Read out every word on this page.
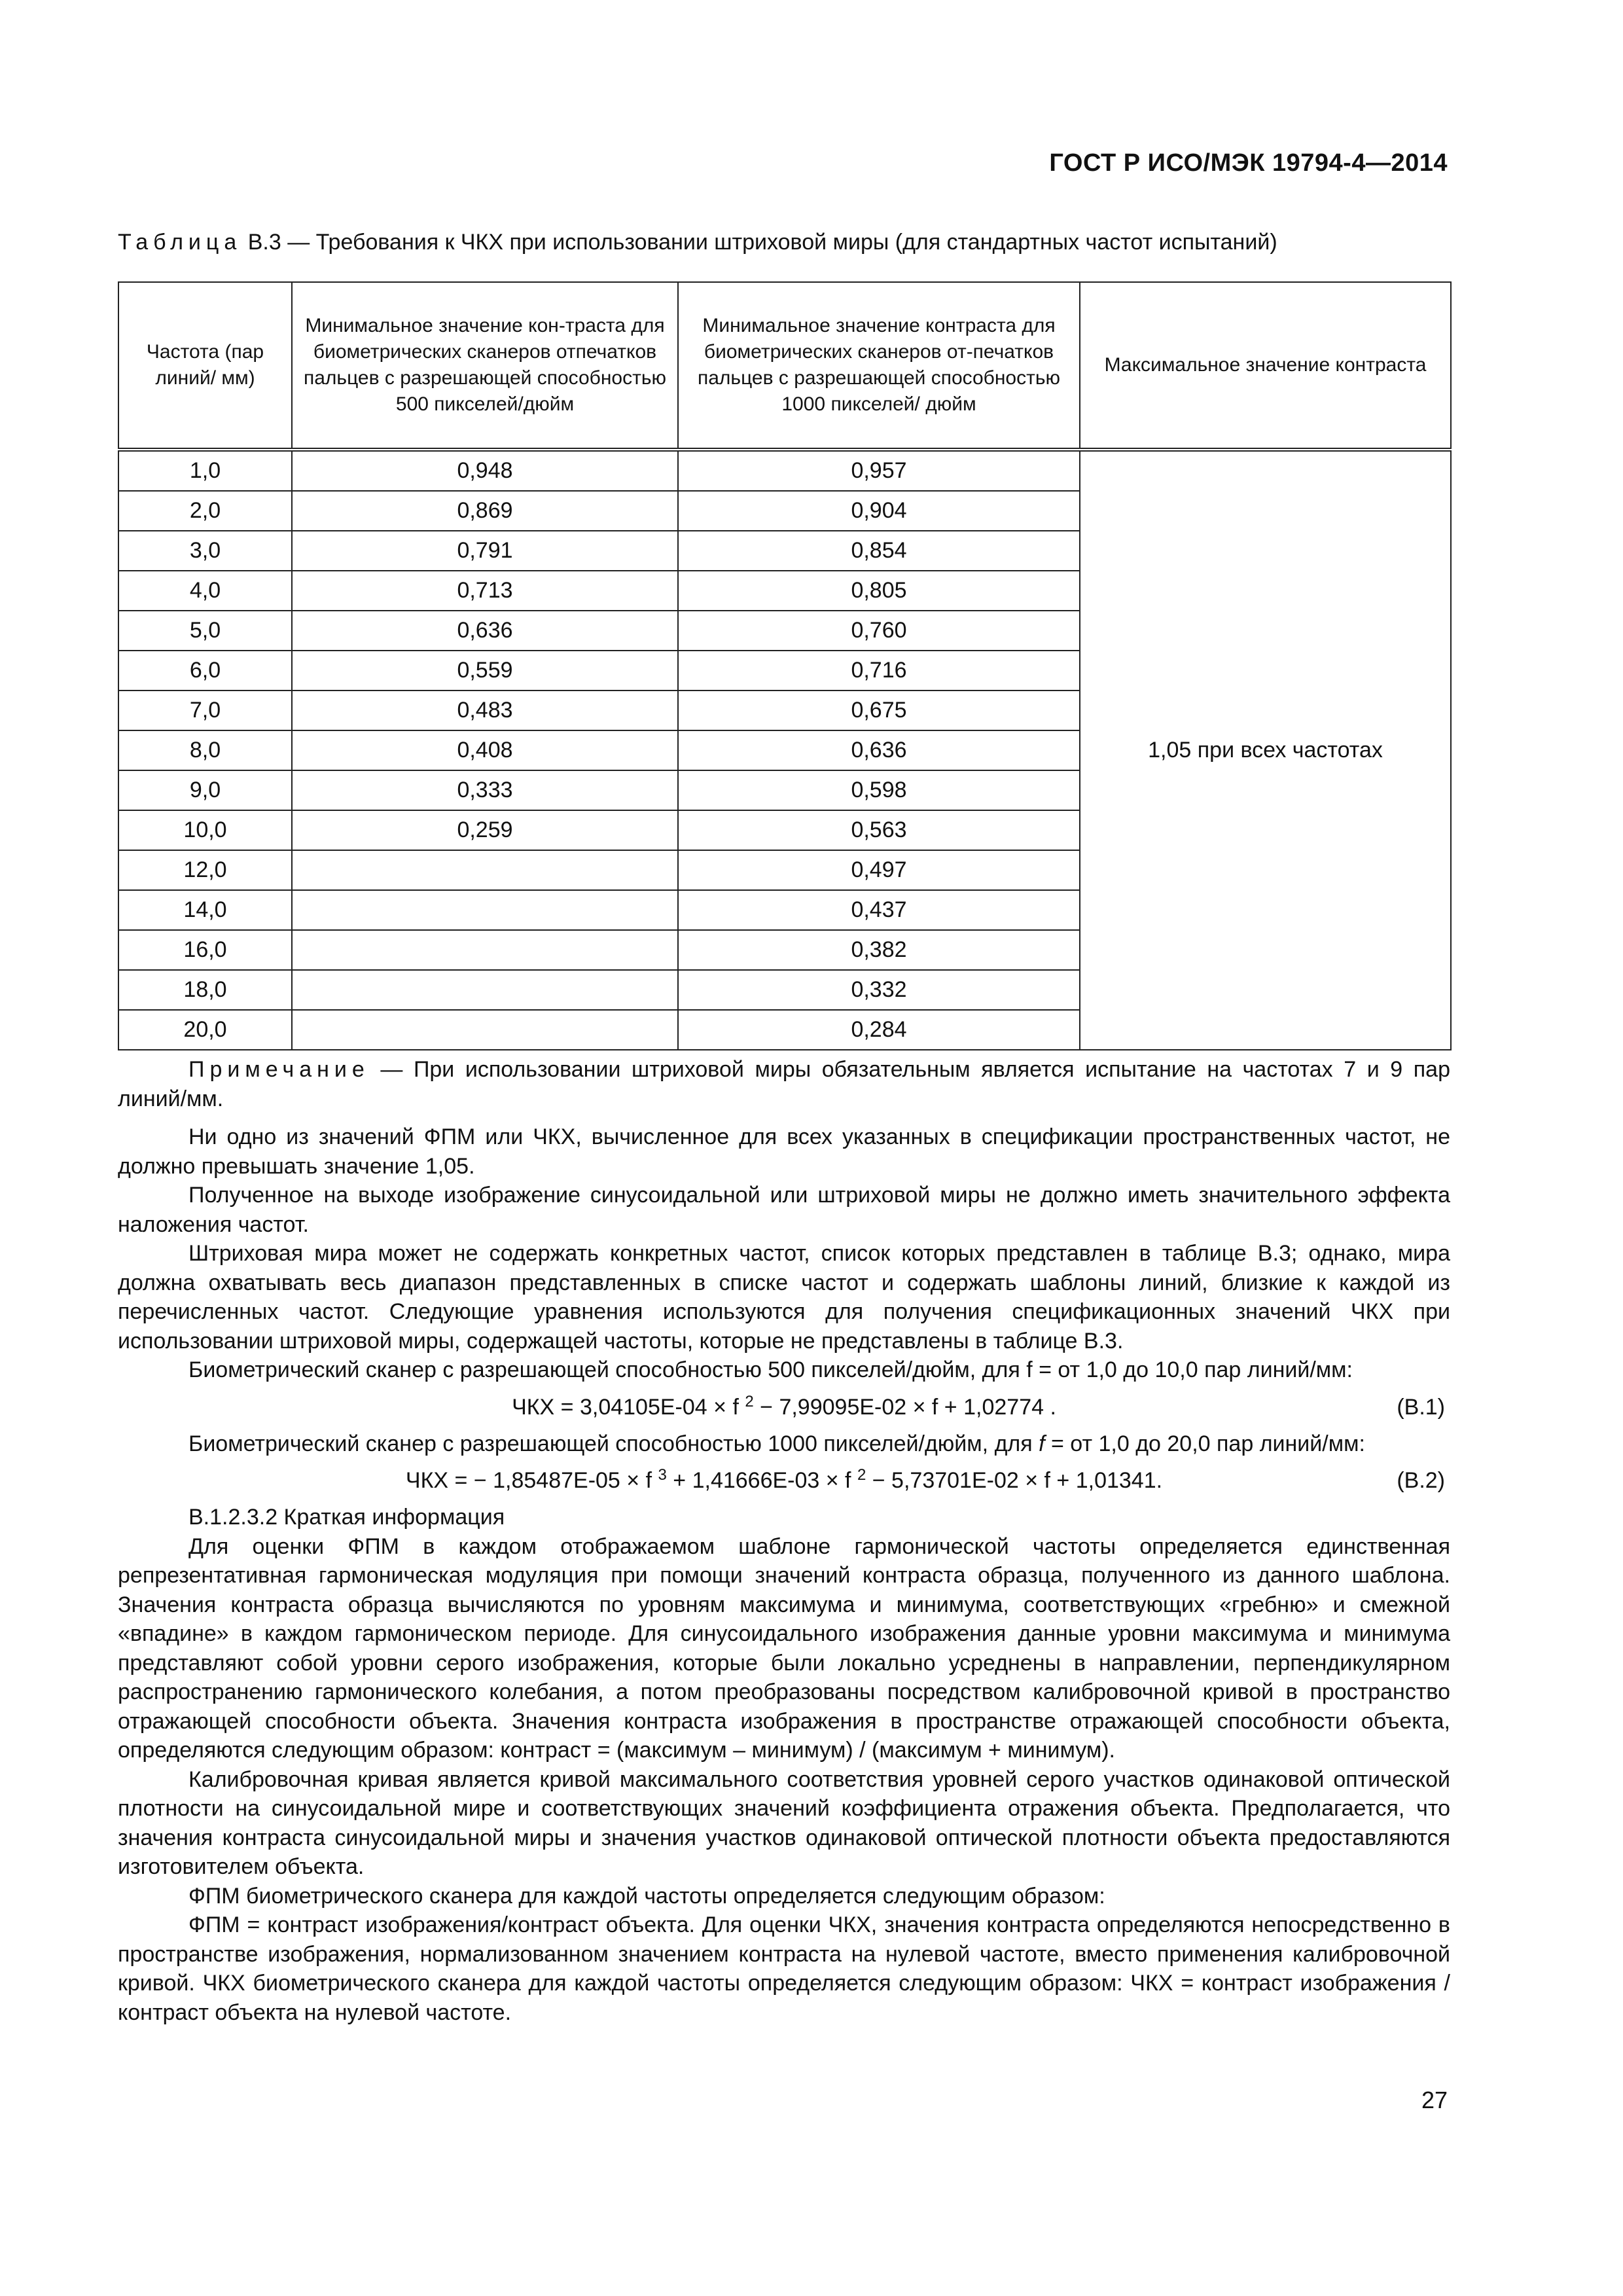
ГОСТ Р ИСО/МЭК 19794-4—2014
Таблица В.3 — Требования к ЧКХ при использовании штриховой миры (для стандартных частот испытаний)
Частота (пар линий/ мм)	Минимальное значение кон-траста для биометрических сканеров отпечатков пальцев с разрешающей способностью 500 пикселей/дюйм	Минимальное значение контраста для биометрических сканеров от-печатков пальцев с разрешающей способностью 1000 пикселей/ дюйм	Максимальное значение контраста
1,0	0,948	0,957	1,05 при всех частотах
2,0	0,869	0,904	
3,0	0,791	0,854	
4,0	0,713	0,805	
5,0	0,636	0,760	
6,0	0,559	0,716	
7,0	0,483	0,675	
8,0	0,408	0,636	
9,0	0,333	0,598	
10,0	0,259	0,563	
12,0		0,497	
14,0		0,437	
16,0		0,382	
18,0		0,332	
20,0		0,284	

Примечание — При использовании штриховой миры обязательным является испытание на частотах 7 и 9 пар линий/мм.

Ни одно из значений ФПМ или ЧКХ, вычисленное для всех указанных в спецификации пространственных частот, не должно превышать значение 1,05.

Полученное на выходе изображение синусоидальной или штриховой миры не должно иметь значительного эффекта наложения частот.

Штриховая мира может не содержать конкретных частот, список которых представлен в таблице В.3; однако, мира должна охватывать весь диапазон представленных в списке частот и содержать шаблоны линий, близкие к каждой из перечисленных частот. Следующие уравнения используются для получения спецификационных значений ЧКХ при использовании штриховой миры, содержащей частоты, которые не представлены в таблице В.3.

Биометрический сканер с разрешающей способностью 500 пикселей/дюйм, для f = от 1,0 до 10,0 пар линий/мм:

ЧКХ = 3,04105Е-04 × f $^2$ − 7,99095Е-02 × f + 1,02774 .	(В.1)

Биометрический сканер с разрешающей способностью 1000 пикселей/дюйм, для f = от 1,0 до 20,0 пар линий/мм:

ЧКХ = − 1,85487Е-05 × f $^3$ + 1,41666Е-03 × f $^2$ − 5,73701Е-02 × f + 1,01341.	(В.2)

В.1.2.3.2 Краткая информация

Для оценки ФПМ в каждом отображаемом шаблоне гармонической частоты определяется единственная репрезентативная гармоническая модуляция при помощи значений контраста образца, полученного из данного шаблона. Значения контраста образца вычисляются по уровням максимума и минимума, соответствующих «гребню» и смежной «впадине» в каждом гармоническом периоде. Для синусоидального изображения данные уровни максимума и минимума представляют собой уровни серого изображения, которые были локально усреднены в направлении, перпендикулярном распространению гармонического колебания, а потом преобразованы посредством калибровочной кривой в пространство отражающей способности объекта. Значения контраста изображения в пространстве отражающей способности объекта, определяются следующим образом: контраст = (максимум – минимум) / (максимум + минимум).

Калибровочная кривая является кривой максимального соответствия уровней серого участков одинаковой оптической плотности на синусоидальной мире и соответствующих значений коэффициента отражения объекта. Предполагается, что значения контраста синусоидальной миры и значения участков одинаковой оптической плотности объекта предоставляются изготовителем объекта.

ФПМ биометрического сканера для каждой частоты определяется следующим образом:

ФПМ = контраст изображения/контраст объекта. Для оценки ЧКХ, значения контраста определяются непосредственно в пространстве изображения, нормализованном значением контраста на нулевой частоте, вместо применения калибровочной кривой. ЧКХ биометрического сканера для каждой частоты определяется следующим образом: ЧКХ = контраст изображения / контраст объекта на нулевой частоте.

27
